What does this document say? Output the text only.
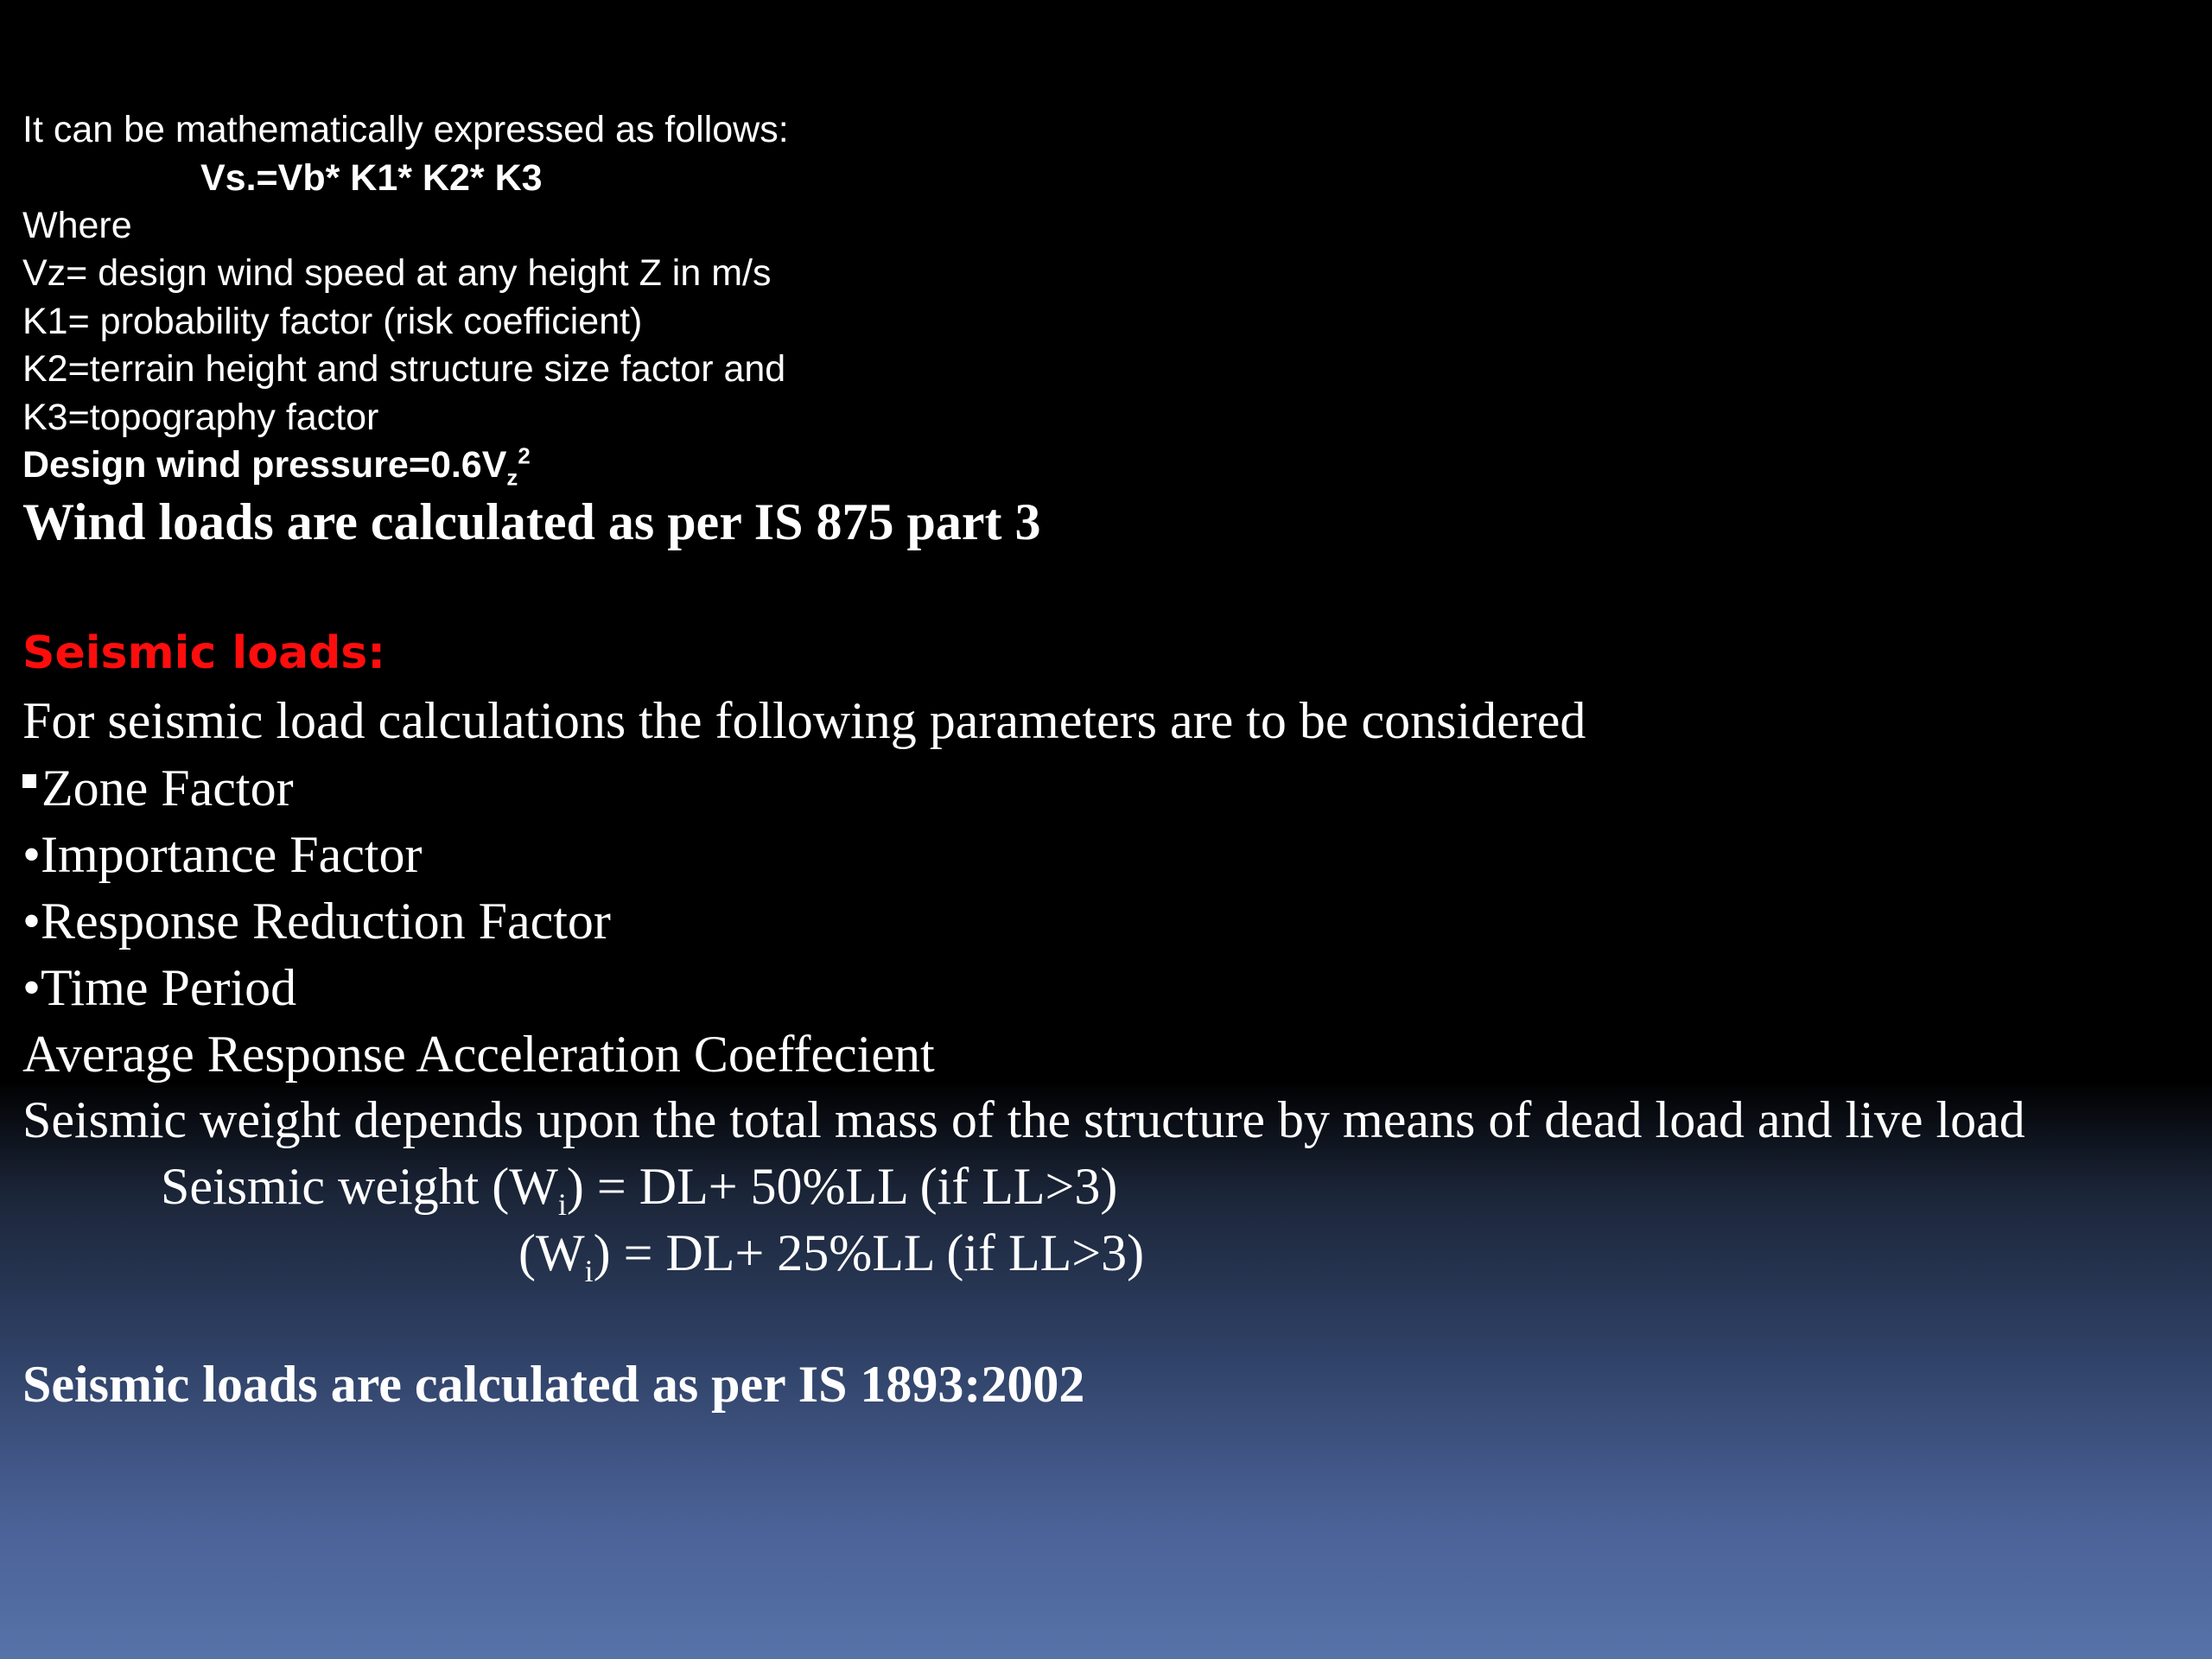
It can be mathematically expressed as follows:
Vs.=Vb* K1* K2* K3
Where
Vz= design wind speed at any height Z in m/s
K1= probability factor (risk coefficient)
K2=terrain height and structure size factor and
K3=topography factor
Design wind $pressure=0.6V_z^2$
Wind loads are calculated as per IS 875 part 3
Seismic loads:
For seismic load calculations the following parameters are to be considered
Zone Factor
•Importance Factor
•Response Reduction Factor
•Time Period
Average Response Acceleration Coeffecient
Seismic weight depends upon the total mass of the structure by means of dead load and live load
Seismic weight $(W_i) = DL+ 50\%LL$ (if LL>3)
$(W_i) = DL+ 25\%LL$ (if LL>3)
Seismic loads are calculated as per IS 1893:2002
